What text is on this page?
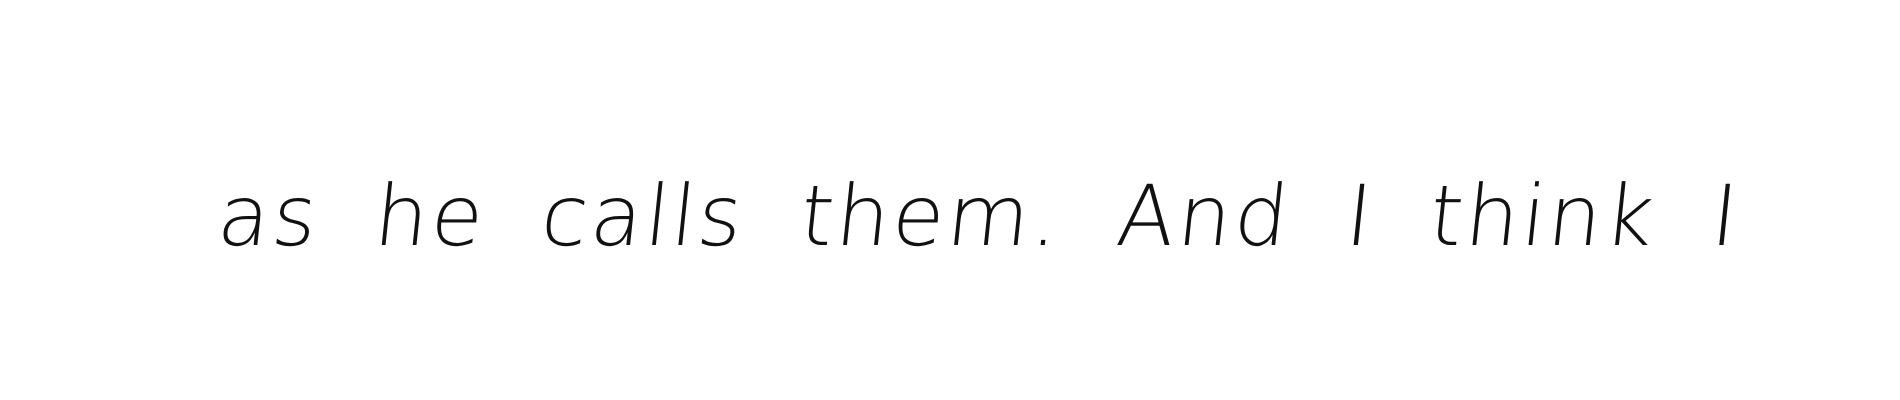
as he calls them. And I think I
